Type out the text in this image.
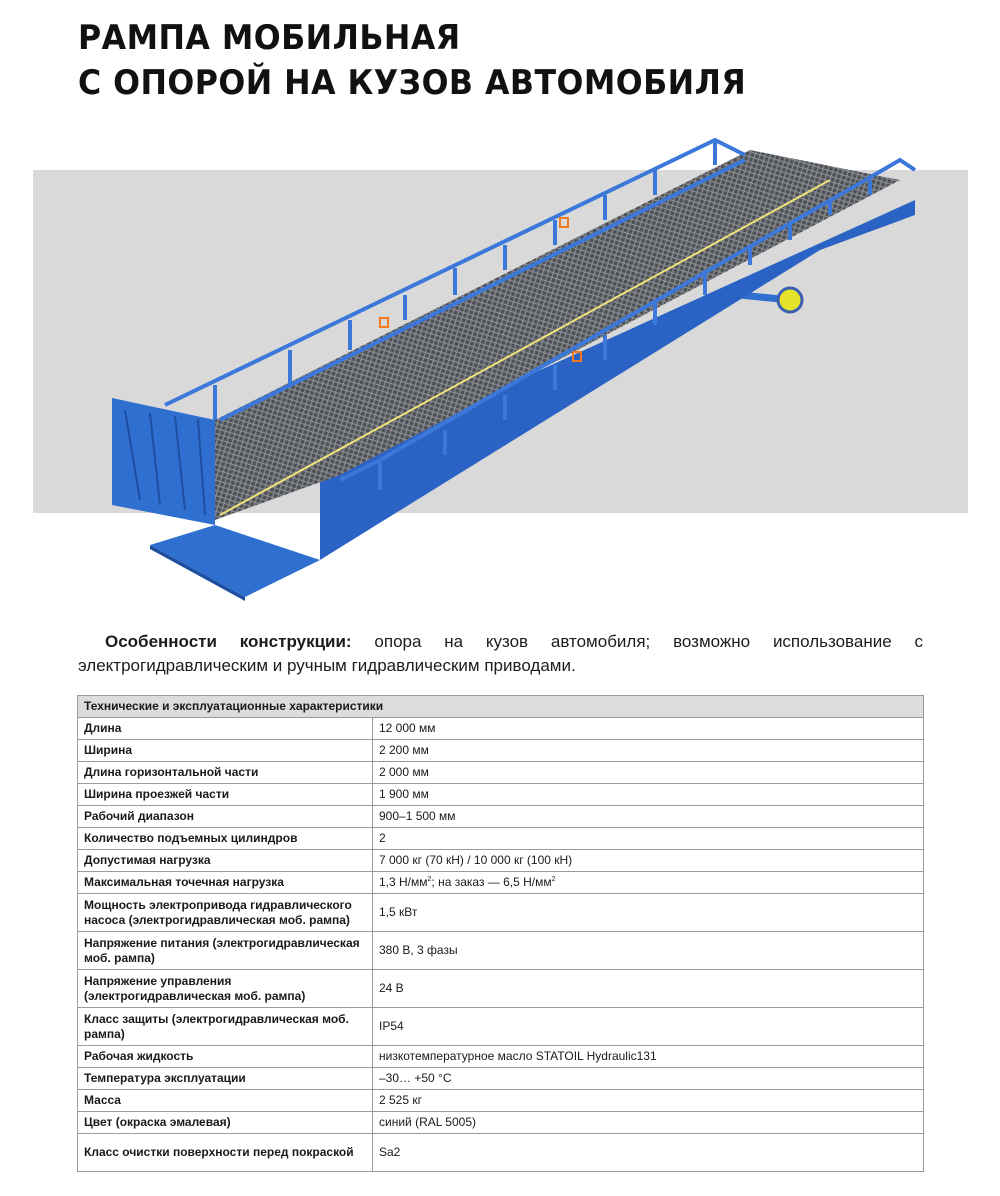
РАМПА МОБИЛЬНАЯ
С ОПОРОЙ НА КУЗОВ АВТОМОБИЛЯ

Особенности конструкции: опора на кузов автомобиля; возможно использование с электрогидравлическим и ручным гидравлическим приводами.

Технические и эксплуатационные характеристики	
Длина	12 000 мм
Ширина	2 200 мм
Длина горизонтальной части	2 000 мм
Ширина проезжей части	1 900 мм
Рабочий диапазон	900–1 500 мм
Количество подъемных цилиндров	2
Допустимая нагрузка	7 000 кг (70 кН) / 10 000 кг (100 кН)
Максимальная точечная нагрузка	1,3 $Н/мм^2$; на заказ — 6,5 $Н/мм^2$
Мощность электропривода гидравлического насоса (электрогидравлическая моб. рампа)	1,5 кВт
Напряжение питания (электрогидравлическая моб. рампа)	380 В, 3 фазы
Напряжение управления (электрогидравлическая моб. рампа)	24 В
Класс защиты (электрогидравлическая моб. рампа)	IP54
Рабочая жидкость	низкотемпературное масло STATOIL Hydraulic131
Температура эксплуатации	–30… +50 °С
Масса	2 525 кг
Цвет (окраска эмалевая)	синий (RAL 5005)
Класс очистки поверхности перед покраской	Sa2
